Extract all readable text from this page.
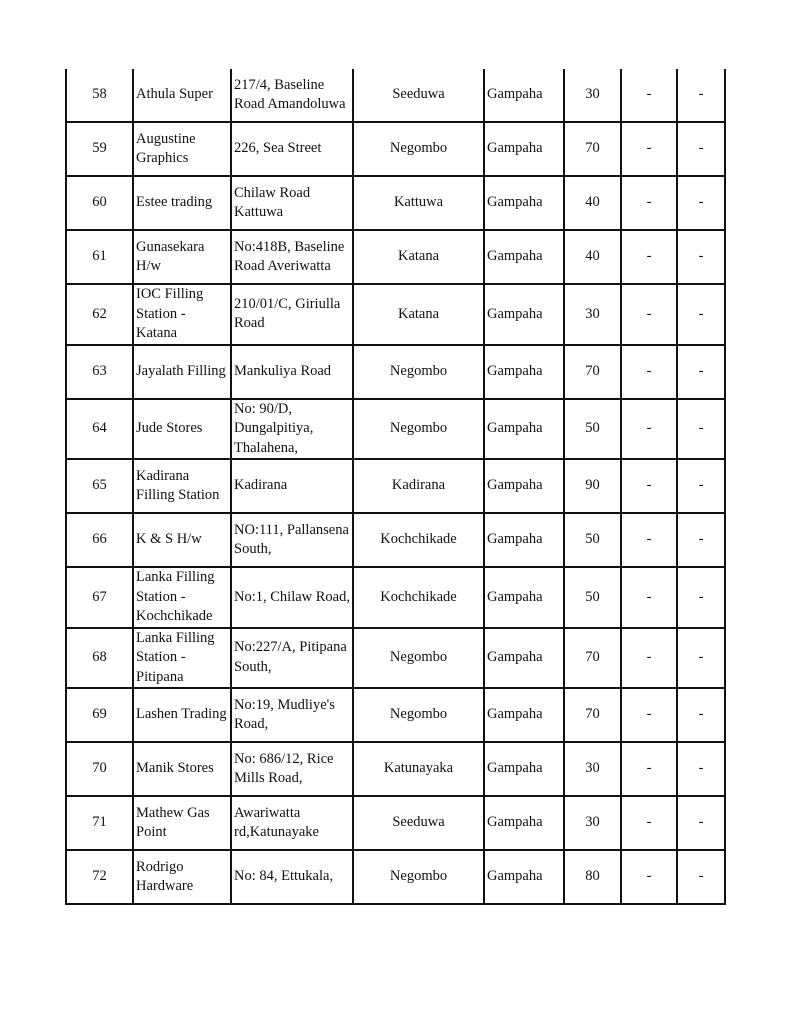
58	Athula Super	217/4, Baseline Road Amandoluwa	Seeduwa	Gampaha	30	-	-
59	Augustine Graphics	226, Sea Street	Negombo	Gampaha	70	-	-
60	Estee trading	Chilaw Road Kattuwa	Kattuwa	Gampaha	40	-	-
61	Gunasekara H/w	No:418B, Baseline Road Averiwatta	Katana	Gampaha	40	-	-
62	IOC Filling Station - Katana	210/01/C, Giriulla Road	Katana	Gampaha	30	-	-
63	Jayalath Filling	Mankuliya Road	Negombo	Gampaha	70	-	-
64	Jude Stores	No: 90/D, Dungalpitiya, Thalahena,	Negombo	Gampaha	50	-	-
65	Kadirana Filling Station	Kadirana	Kadirana	Gampaha	90	-	-
66	K & S H/w	NO:111, Pallansena South,	Kochchikade	Gampaha	50	-	-
67	Lanka Filling Station - Kochchikade	No:1, Chilaw Road,	Kochchikade	Gampaha	50	-	-
68	Lanka Filling Station - Pitipana	No:227/A, Pitipana South,	Negombo	Gampaha	70	-	-
69	Lashen Trading	No:19, Mudliye's Road,	Negombo	Gampaha	70	-	-
70	Manik Stores	No: 686/12, Rice Mills Road,	Katunayaka	Gampaha	30	-	-
71	Mathew Gas Point	Awariwatta rd,Katunayake	Seeduwa	Gampaha	30	-	-
72	Rodrigo Hardware	No: 84, Ettukala,	Negombo	Gampaha	80	-	-
